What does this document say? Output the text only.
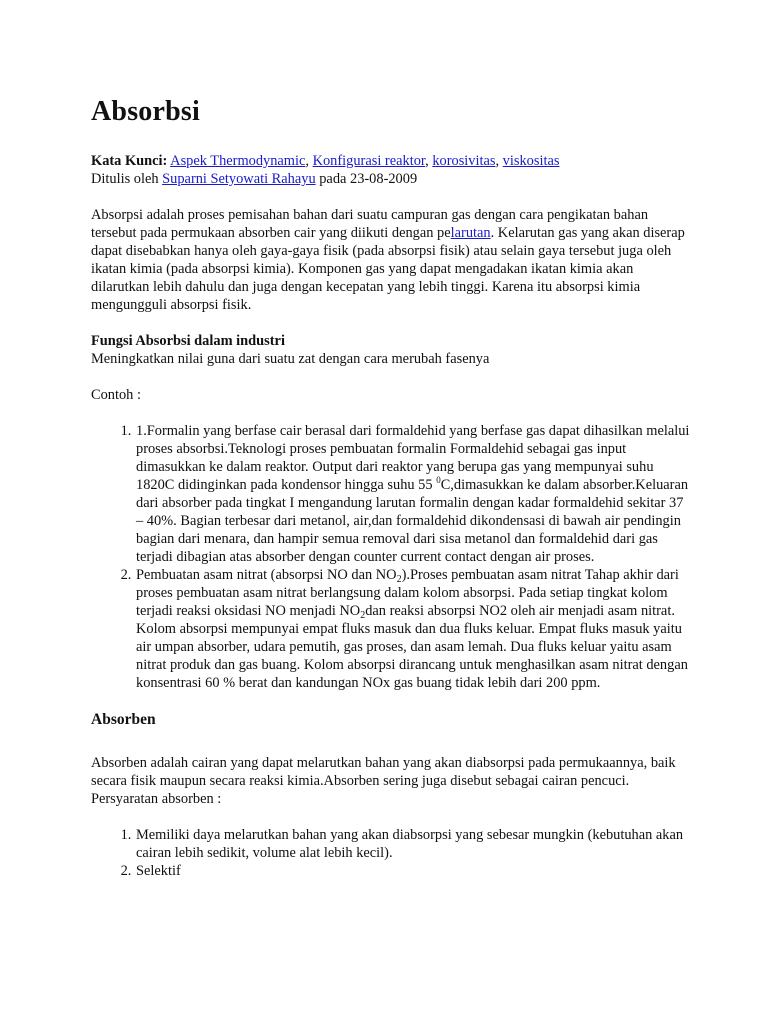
Absorbsi

Kata Kunci: Aspek Thermodynamic, Konfigurasi reaktor, korosivitas, viskositas

Ditulis oleh Suparni Setyowati Rahayu pada 23-08-2009

Absorpsi adalah proses pemisahan bahan dari suatu campuran gas dengan cara pengikatan bahan tersebut pada permukaan absorben cair yang diikuti dengan pelarutan. Kelarutan gas yang akan diserap dapat disebabkan hanya oleh gaya-gaya fisik (pada absorpsi fisik) atau selain gaya tersebut juga oleh ikatan kimia (pada absorpsi kimia). Komponen gas yang dapat mengadakan ikatan kimia akan dilarutkan lebih dahulu dan juga dengan kecepatan yang lebih tinggi. Karena itu absorpsi kimia mengungguli absorpsi fisik.

Fungsi Absorbsi dalam industri

Meningkatkan nilai guna dari suatu zat dengan cara merubah fasenya

Contoh :

1. 1.Formalin yang berfase cair berasal dari formaldehid yang berfase gas dapat dihasilkan melalui proses absorbsi.Teknologi proses pembuatan formalin Formaldehid sebagai gas input dimasukkan ke dalam reaktor. Output dari reaktor yang berupa gas yang mempunyai suhu 1820C didinginkan pada kondensor hingga suhu 55 $^0$C,dimasukkan ke dalam absorber.Keluaran dari absorber pada tingkat I mengandung larutan formalin dengan kadar formaldehid sekitar 37 – 40%. Bagian terbesar dari metanol, air,dan formaldehid dikondensasi di bawah air pendingin bagian dari menara, dan hampir semua removal dari sisa metanol dan formaldehid dari gas terjadi dibagian atas absorber dengan counter current contact dengan air proses.
2. Pembuatan asam nitrat (absorpsi NO dan $NO_2).Proses$ pembuatan asam nitrat Tahap akhir dari proses pembuatan asam nitrat berlangsung dalam kolom absorpsi. Pada setiap tingkat kolom terjadi reaksi oksidasi NO menjadi $NO_2dan$ reaksi absorpsi NO2 oleh air menjadi asam nitrat. Kolom absorpsi mempunyai empat fluks masuk dan dua fluks keluar. Empat fluks masuk yaitu air umpan absorber, udara pemutih, gas proses, dan asam lemah. Dua fluks keluar yaitu asam nitrat produk dan gas buang. Kolom absorpsi dirancang untuk menghasilkan asam nitrat dengan konsentrasi 60 % berat dan kandungan NOx gas buang tidak lebih dari 200 ppm.
Absorben

Absorben adalah cairan yang dapat melarutkan bahan yang akan diabsorpsi pada permukaannya, baik secara fisik maupun secara reaksi kimia.Absorben sering juga disebut sebagai cairan pencuci.

Persyaratan absorben :

1. Memiliki daya melarutkan bahan yang akan diabsorpsi yang sebesar mungkin (kebutuhan akan cairan lebih sedikit, volume alat lebih kecil).
2. Selektif
